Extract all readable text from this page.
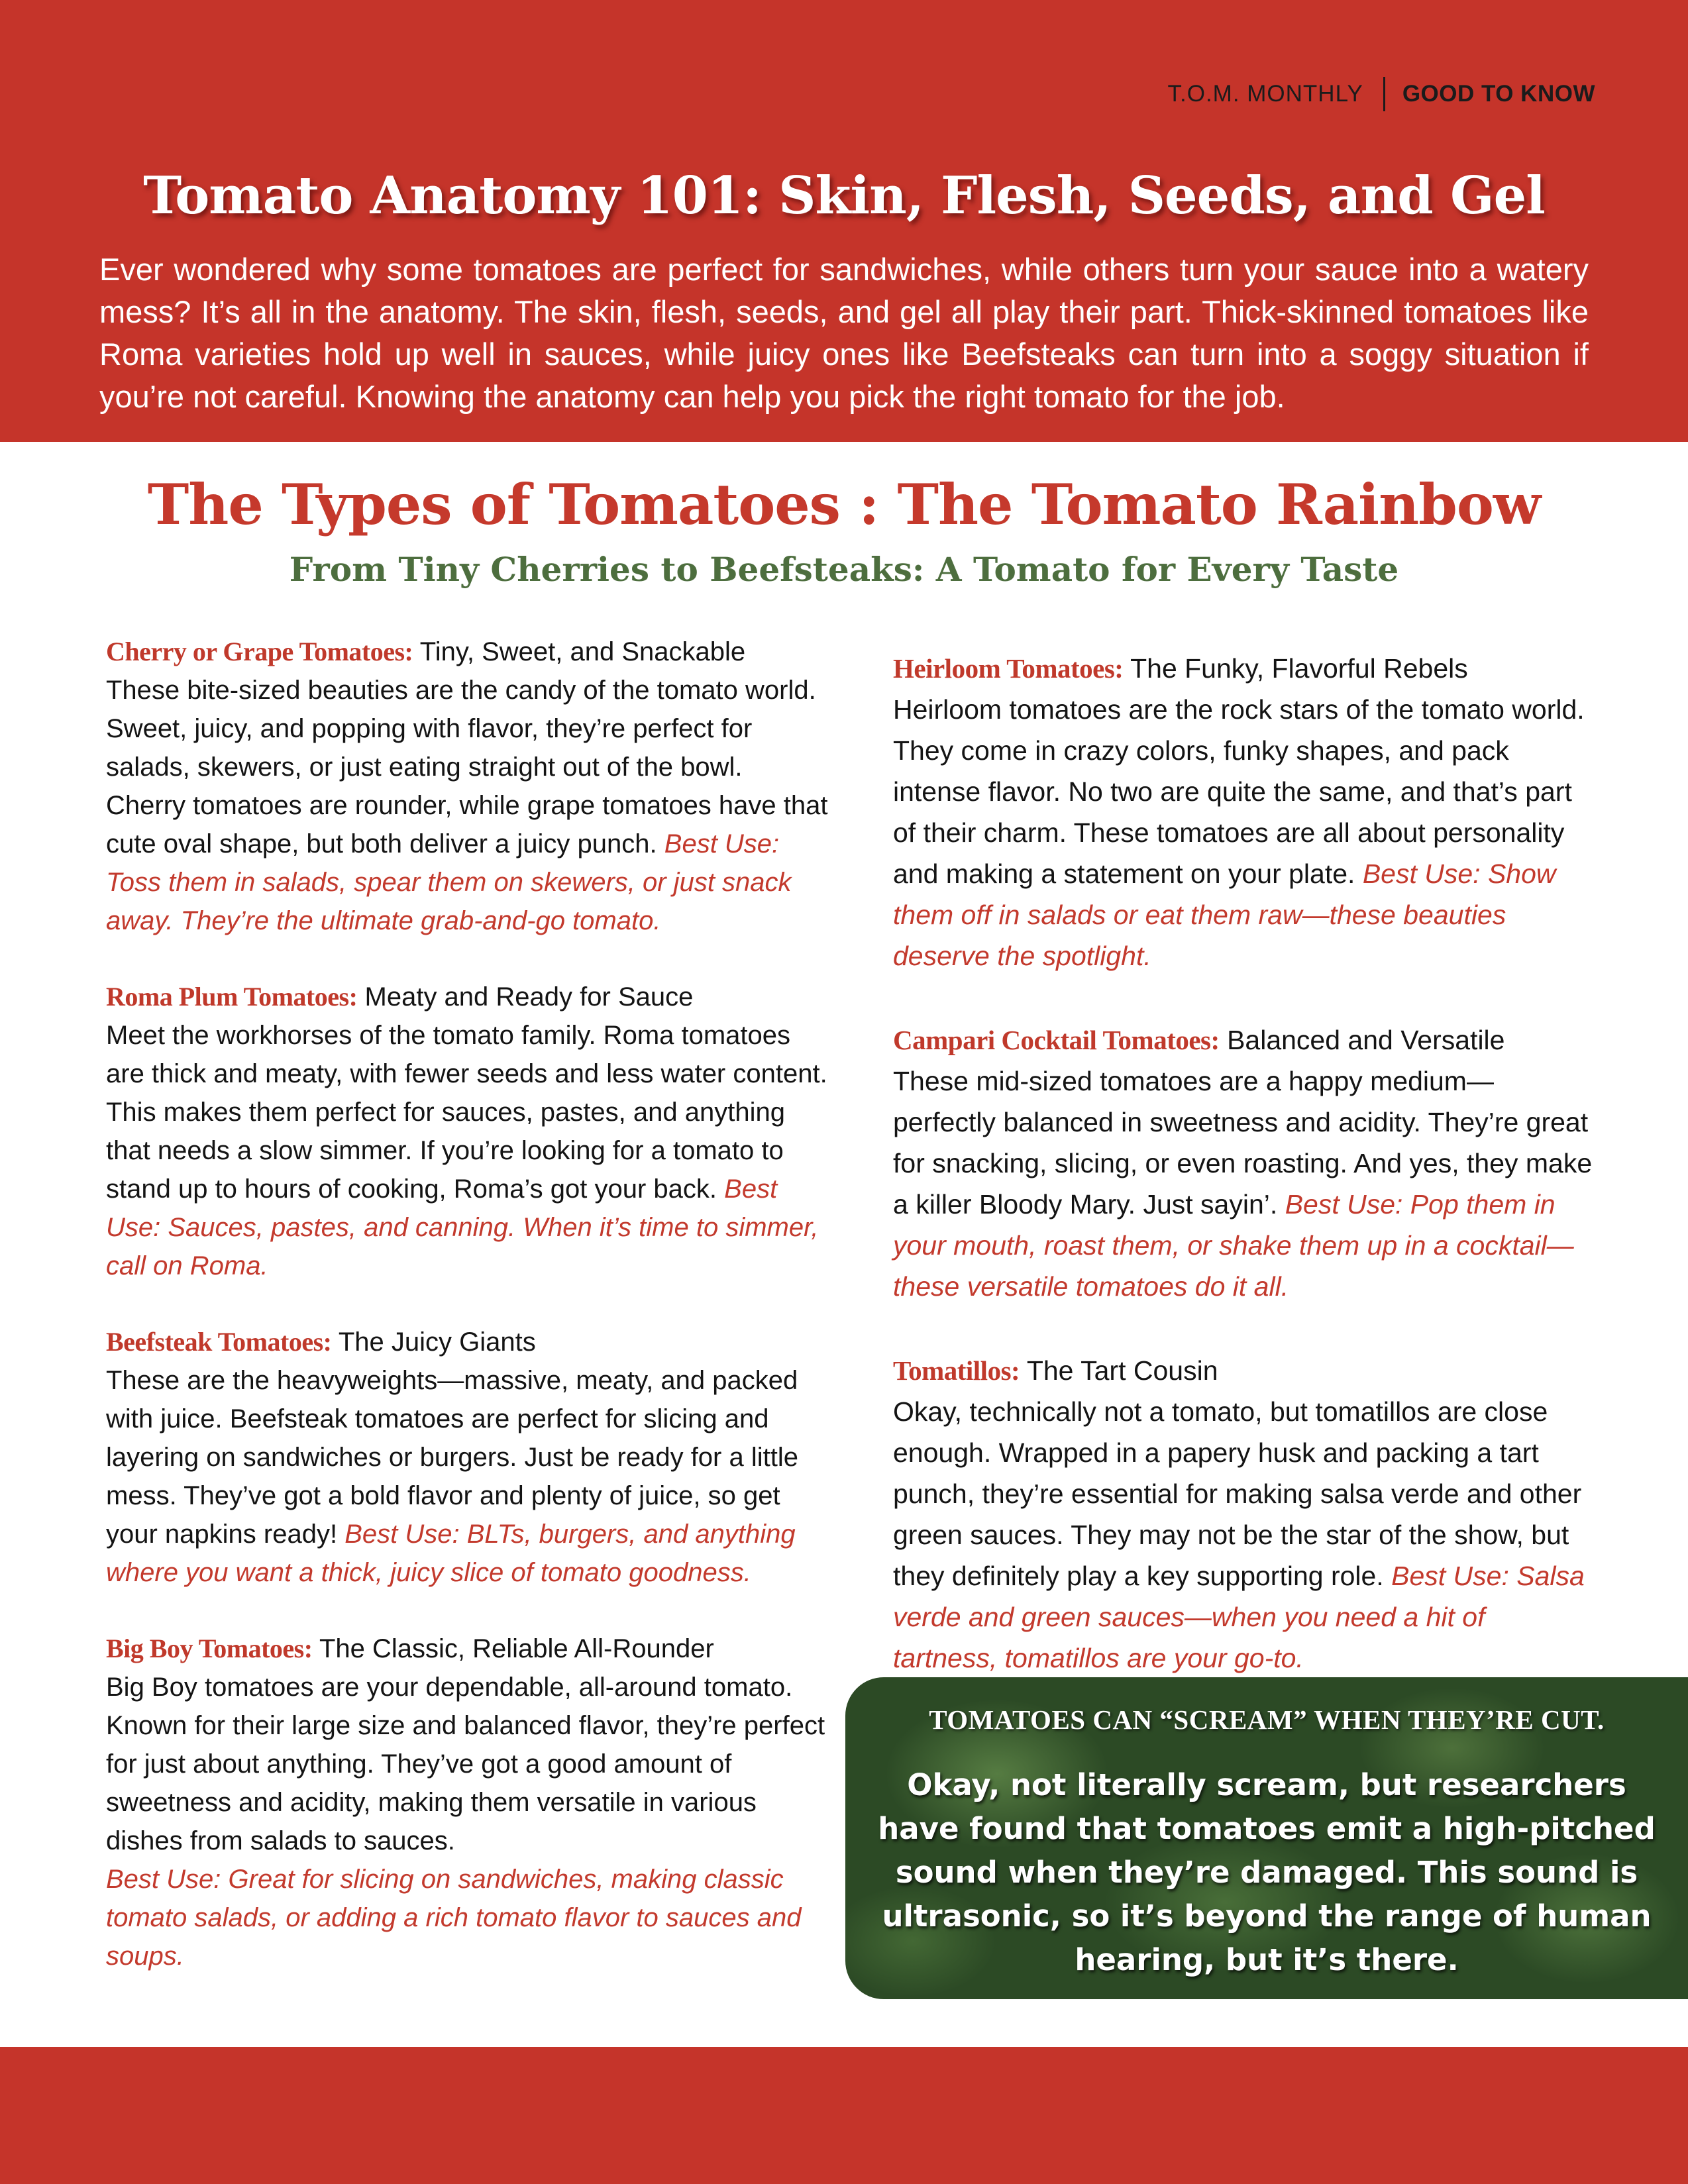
T.O.M. MONTHLY GOOD TO KNOW
Tomato Anatomy 101: Skin, Flesh, Seeds, and Gel

Ever wondered why some tomatoes are perfect for sandwiches, while others turn your sauce into a watery mess? It’s all in the anatomy. The skin, flesh, seeds, and gel all play their part. Thick-skinned tomatoes like Roma varieties hold up well in sauces, while juicy ones like Beefsteaks can turn into a soggy situation if you’re not careful. Knowing the anatomy can help you pick the right tomato for the job.

The Types of Tomatoes : The Tomato Rainbow
From Tiny Cherries to Beefsteaks: A Tomato for Every Taste

Cherry or Grape Tomatoes: Tiny, Sweet, and Snackable
These bite-sized beauties are the candy of the tomato world. Sweet, juicy, and popping with flavor, they’re perfect for salads, skewers, or just eating straight out of the bowl. Cherry tomatoes are rounder, while grape tomatoes have that cute oval shape, but both deliver a juicy punch. Best Use: Toss them in salads, spear them on skewers, or just snack away. They’re the ultimate grab-and-go tomato.

Roma Plum Tomatoes: Meaty and Ready for Sauce
Meet the workhorses of the tomato family. Roma tomatoes are thick and meaty, with fewer seeds and less water content. This makes them perfect for sauces, pastes, and anything that needs a slow simmer. If you’re looking for a tomato to stand up to hours of cooking, Roma’s got your back. Best Use: Sauces, pastes, and canning. When it’s time to simmer, call on Roma.

Beefsteak Tomatoes: The Juicy Giants
These are the heavyweights—massive, meaty, and packed with juice. Beefsteak tomatoes are perfect for slicing and layering on sandwiches or burgers. Just be ready for a little mess. They’ve got a bold flavor and plenty of juice, so get your napkins ready! Best Use: BLTs, burgers, and anything where you want a thick, juicy slice of tomato goodness.

Big Boy Tomatoes: The Classic, Reliable All-Rounder
Big Boy tomatoes are your dependable, all-around tomato. Known for their large size and balanced flavor, they’re perfect for just about anything. They’ve got a good amount of sweetness and acidity, making them versatile in various dishes from salads to sauces.
Best Use: Great for slicing on sandwiches, making classic tomato salads, or adding a rich tomato flavor to sauces and soups.

Heirloom Tomatoes: The Funky, Flavorful Rebels
Heirloom tomatoes are the rock stars of the tomato world. They come in crazy colors, funky shapes, and pack intense flavor. No two are quite the same, and that’s part of their charm. These tomatoes are all about personality and making a statement on your plate. Best Use: Show them off in salads or eat them raw—these beauties deserve the spotlight.

Campari Cocktail Tomatoes: Balanced and Versatile
These mid-sized tomatoes are a happy medium—perfectly balanced in sweetness and acidity. They’re great for snacking, slicing, or even roasting. And yes, they make a killer Bloody Mary. Just sayin’. Best Use: Pop them in your mouth, roast them, or shake them up in a cocktail—these versatile tomatoes do it all.

Tomatillos: The Tart Cousin
Okay, technically not a tomato, but tomatillos are close enough. Wrapped in a papery husk and packing a tart punch, they’re essential for making salsa verde and other green sauces. They may not be the star of the show, but they definitely play a key supporting role. Best Use: Salsa verde and green sauces—when you need a hit of tartness, tomatillos are your go-to.

TOMATOES CAN “SCREAM” WHEN THEY’RE CUT.

Okay, not literally scream, but researchers have found that tomatoes emit a high-pitched sound when they’re damaged. This sound is ultrasonic, so it’s beyond the range of human hearing, but it’s there.
